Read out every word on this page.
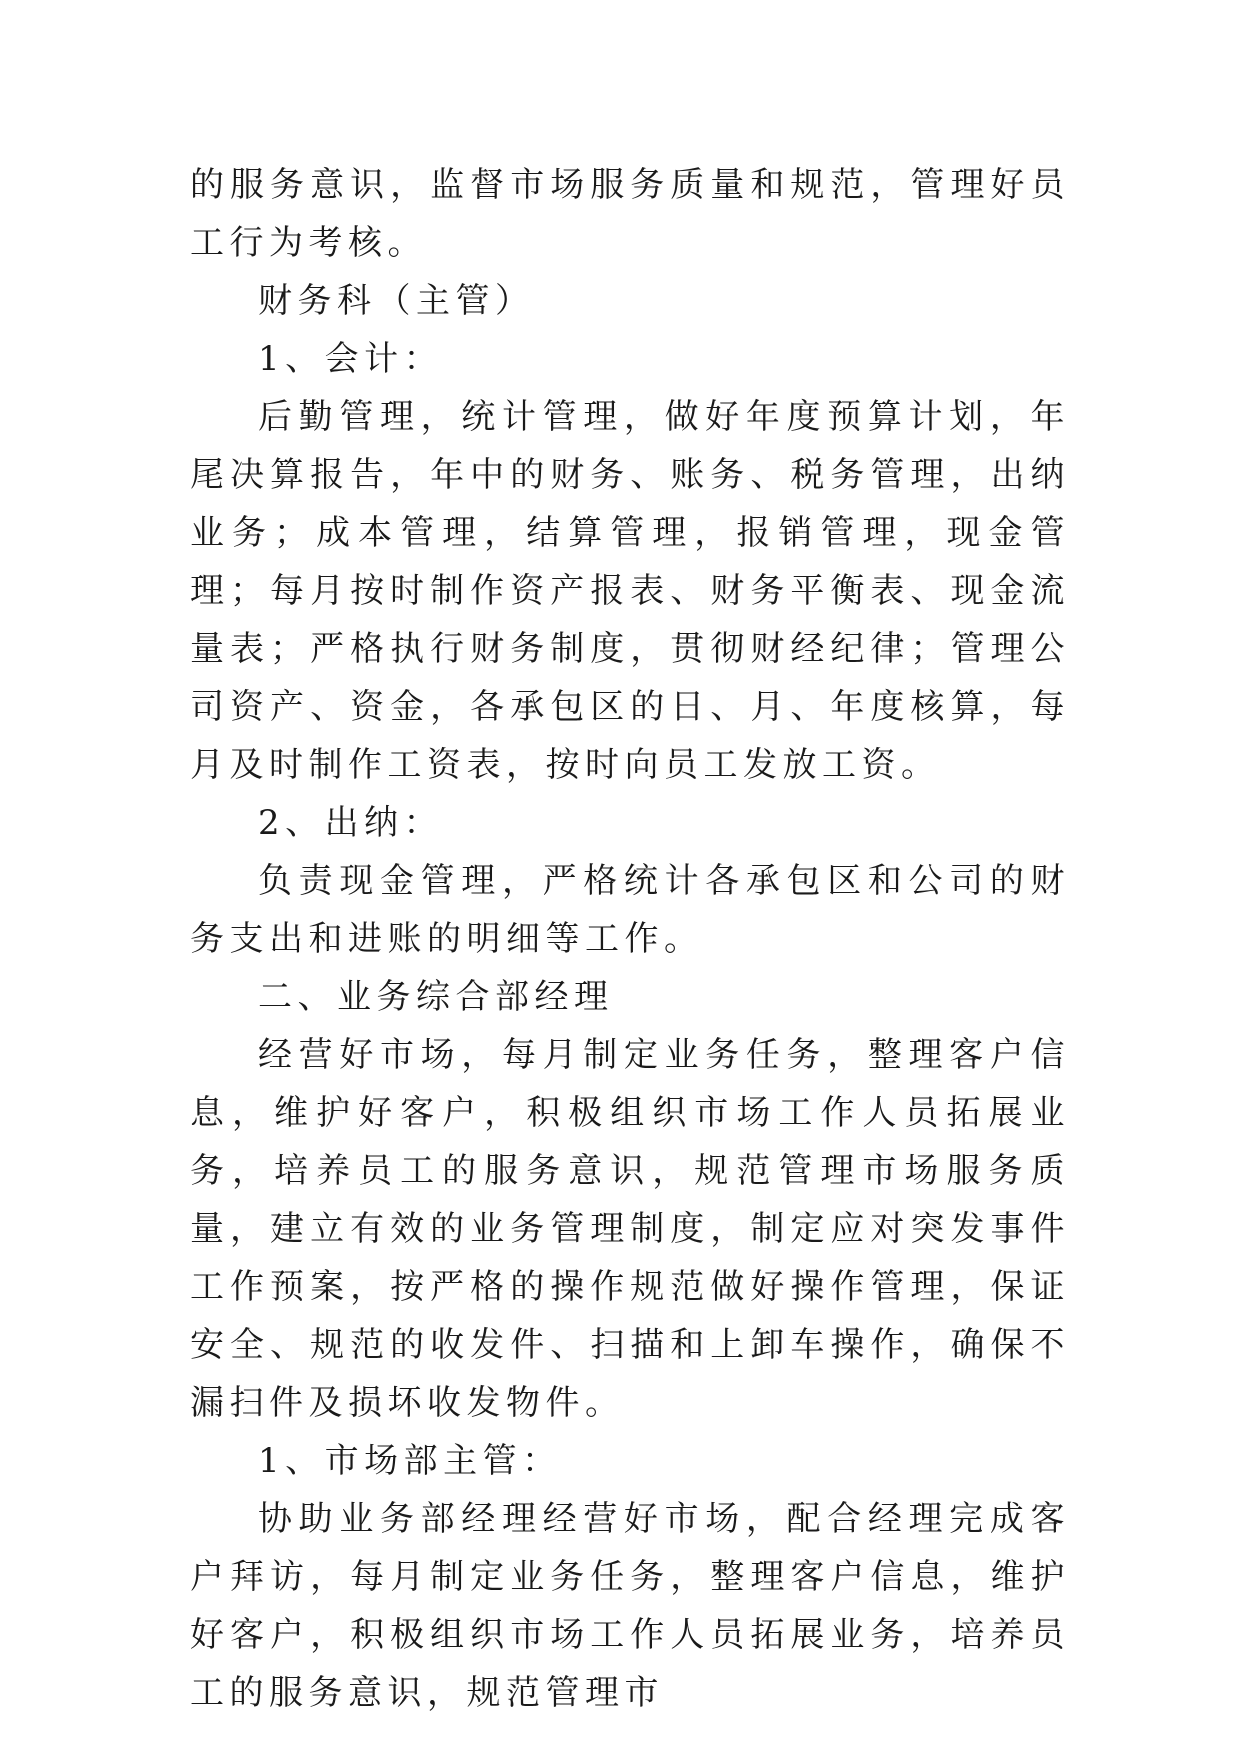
的服务意识，监督市场服务质量和规范，管理好员工行为考核。

财务科（主管）

1、会计：

后勤管理，统计管理，做好年度预算计划，年尾决算报告，年中的财务、账务、税务管理，出纳业务；成本管理，结算管理，报销管理，现金管理；每月按时制作资产报表、财务平衡表、现金流量表；严格执行财务制度，贯彻财经纪律；管理公司资产、资金，各承包区的日、月、年度核算，每月及时制作工资表，按时向员工发放工资。

2、出纳：

负责现金管理，严格统计各承包区和公司的财务支出和进账的明细等工作。

二、业务综合部经理

经营好市场，每月制定业务任务，整理客户信息，维护好客户，积极组织市场工作人员拓展业务，培养员工的服务意识，规范管理市场服务质量，建立有效的业务管理制度，制定应对突发事件工作预案，按严格的操作规范做好操作管理，保证安全、规范的收发件、扫描和上卸车操作，确保不漏扫件及损坏收发物件。

1、市场部主管：

协助业务部经理经营好市场，配合经理完成客户拜访，每月制定业务任务，整理客户信息，维护好客户，积极组织市场工作人员拓展业务，培养员工的服务意识，规范管理市
